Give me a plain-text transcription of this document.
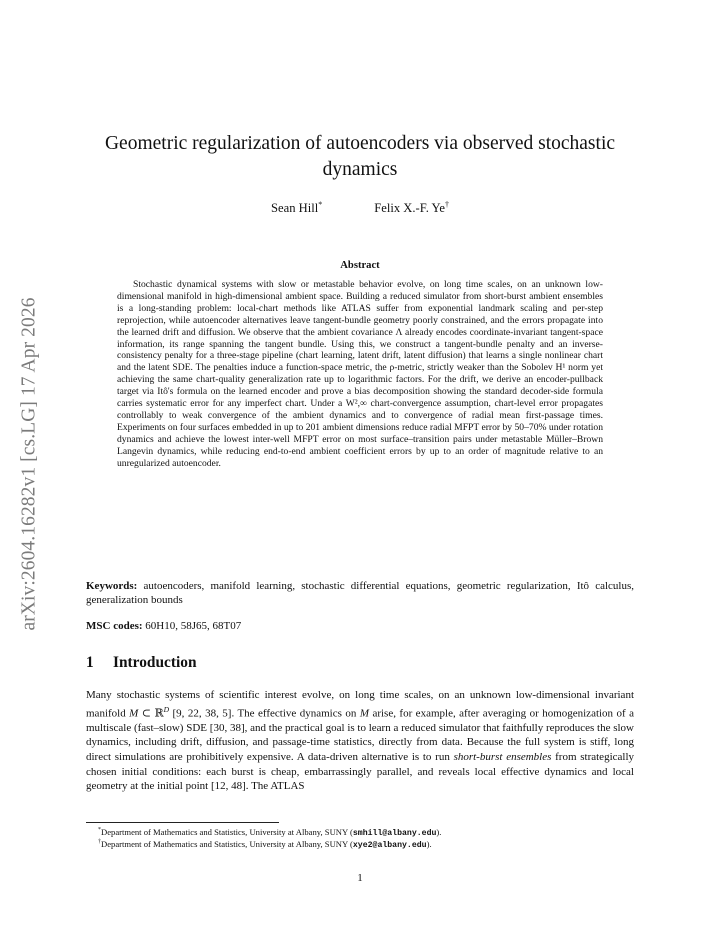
arXiv:2604.16282v1 [cs.LG] 17 Apr 2026
Geometric regularization of autoencoders via observed stochastic dynamics
Sean Hill*	Felix X.-F. Ye†
Abstract

Stochastic dynamical systems with slow or metastable behavior evolve, on long time scales, on an unknown low-dimensional manifold in high-dimensional ambient space. Building a reduced simulator from short-burst ambient ensembles is a long-standing problem: local-chart methods like ATLAS suffer from exponential landmark scaling and per-step reprojection, while autoencoder alternatives leave tangent-bundle geometry poorly constrained, and the errors propagate into the learned drift and diffusion. We observe that the ambient covariance Λ already encodes coordinate-invariant tangent-space information, its range spanning the tangent bundle. Using this, we construct a tangent-bundle penalty and an inverse-consistency penalty for a three-stage pipeline (chart learning, latent drift, latent diffusion) that learns a single nonlinear chart and the latent SDE. The penalties induce a function-space metric, the ρ-metric, strictly weaker than the Sobolev H¹ norm yet achieving the same chart-quality generalization rate up to logarithmic factors. For the drift, we derive an encoder-pullback target via Itô's formula on the learned encoder and prove a bias decomposition showing the standard decoder-side formula carries systematic error for any imperfect chart. Under a W²,∞ chart-convergence assumption, chart-level error propagates controllably to weak convergence of the ambient dynamics and to convergence of radial mean first-passage times. Experiments on four surfaces embedded in up to 201 ambient dimensions reduce radial MFPT error by 50–70% under rotation dynamics and achieve the lowest inter-well MFPT error on most surface–transition pairs under metastable Müller–Brown Langevin dynamics, while reducing end-to-end ambient coefficient errors by up to an order of magnitude relative to an unregularized autoencoder.

Keywords: autoencoders, manifold learning, stochastic differential equations, geometric regularization, Itô calculus, generalization bounds

MSC codes: 60H10, 58J65, 68T07

1 Introduction

Many stochastic systems of scientific interest evolve, on long time scales, on an unknown low-dimensional invariant manifold M ⊂ ℝ$^D$ [9, 22, 38, 5]. The effective dynamics on M arise, for example, after averaging or homogenization of a multiscale (fast–slow) SDE [30, 38], and the practical goal is to learn a reduced simulator that faithfully reproduces the slow dynamics, including drift, diffusion, and passage-time statistics, directly from data. Because the full system is stiff, long direct simulations are prohibitively expensive. A data-driven alternative is to run short-burst ensembles from strategically chosen initial conditions: each burst is cheap, embarrassingly parallel, and reveals local effective dynamics and local geometry at the initial point [12, 48]. The ATLAS

*Department of Mathematics and Statistics, University at Albany, SUNY (smhill@albany.edu).
†Department of Mathematics and Statistics, University at Albany, SUNY (xye2@albany.edu).
1
